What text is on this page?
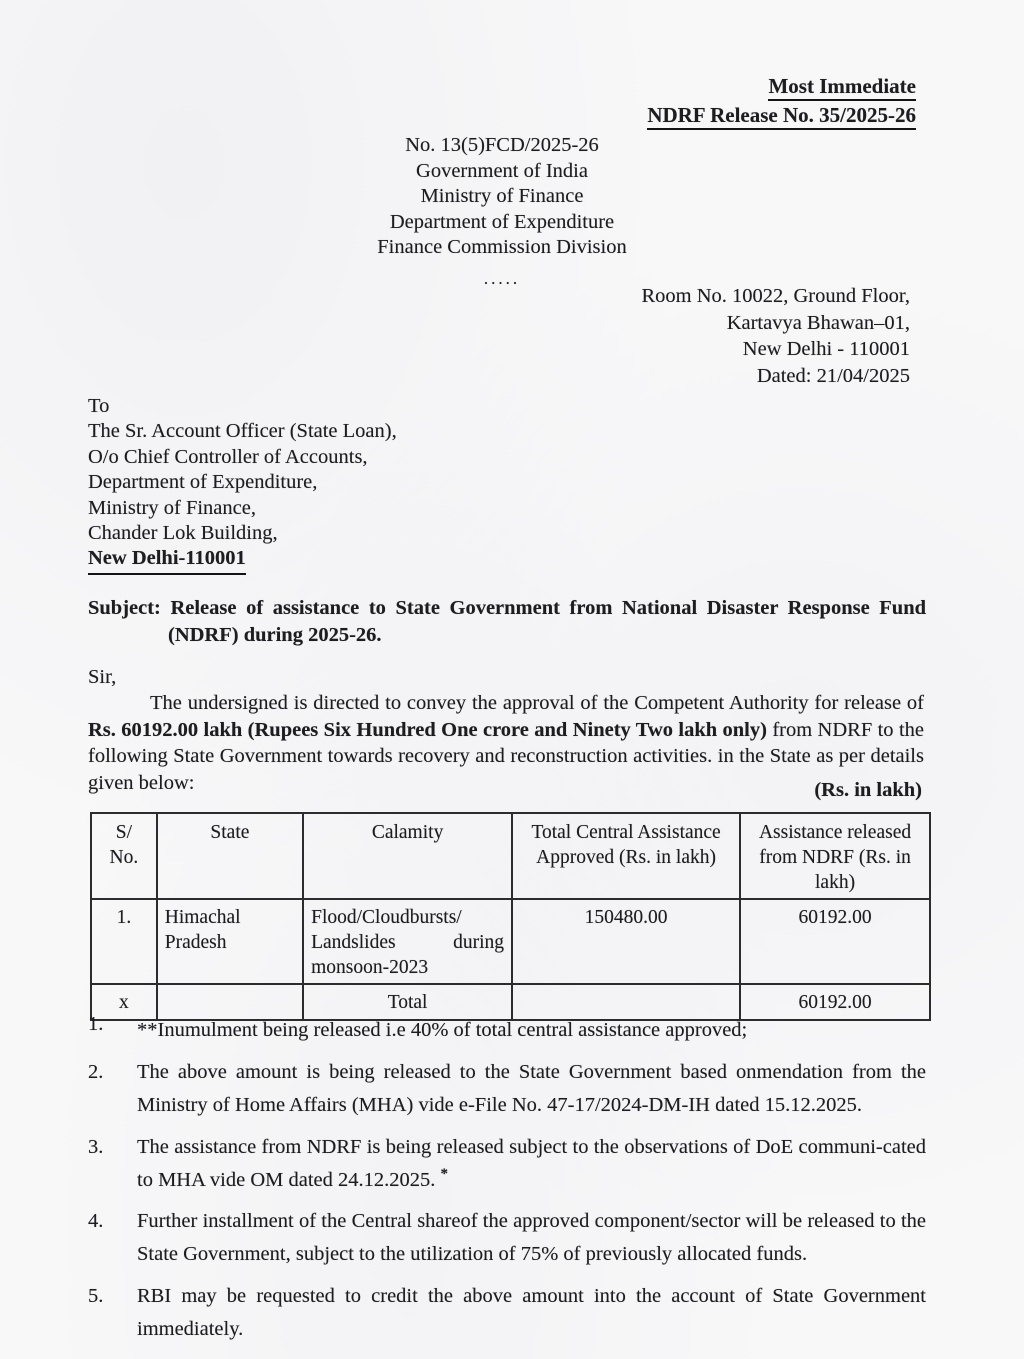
Most Immediate
NDRF Release No. 35/2025-26
No. 13(5)FCD/2025-26
Government of India
Ministry of Finance
Department of Expenditure
Finance Commission Division
.....
Room No. 10022, Ground Floor,
Kartavya Bhawan–01,
New Delhi - 110001
Dated: 21/04/2025
To
The Sr. Account Officer (State Loan),
O/o Chief Controller of Accounts,
Department of Expenditure,
Ministry of Finance,
Chander Lok Building,
New Delhi-110001
Subject: Release of assistance to State Government from National Disaster Response Fund (NDRF) during 2025-26.
Sir,
The undersigned is directed to convey the approval of the Competent Authority for release of Rs. 60192.00 lakh (Rupees Six Hundred One crore and Ninety Two lakh only) from NDRF to the following State Government towards recovery and reconstruction activities. in the State as per details given below:	(Rs. in lakh)
S/ No.	State	Calamity	Total Central Assistance Approved (Rs. in lakh)	Assistance released from NDRF (Rs. in lakh)
1.	Himachal Pradesh	Flood/Cloudbursts/ Landslides during monsoon-2023	150480.00	60192.00
x		Total		60192.00
1.	**Inumulment being released i.e 40% of total central assistance approved;
2.	The above amount is being released to the State Government based onmendation from the Ministry of Home Affairs (MHA) vide e-File No. 47-17/2024-DM-IH dated 15.12.2025.
3.	The assistance from NDRF is being released subject to the observations of DoE communi-cated to MHA vide OM dated 24.12.2025. *
4.	Further installment of the Central shareof the approved component/sector will be released to the State Government, subject to the utilization of 75% of previously allocated funds.
5.	RBI may be requested to credit the above amount into the account of State Government immediately.
